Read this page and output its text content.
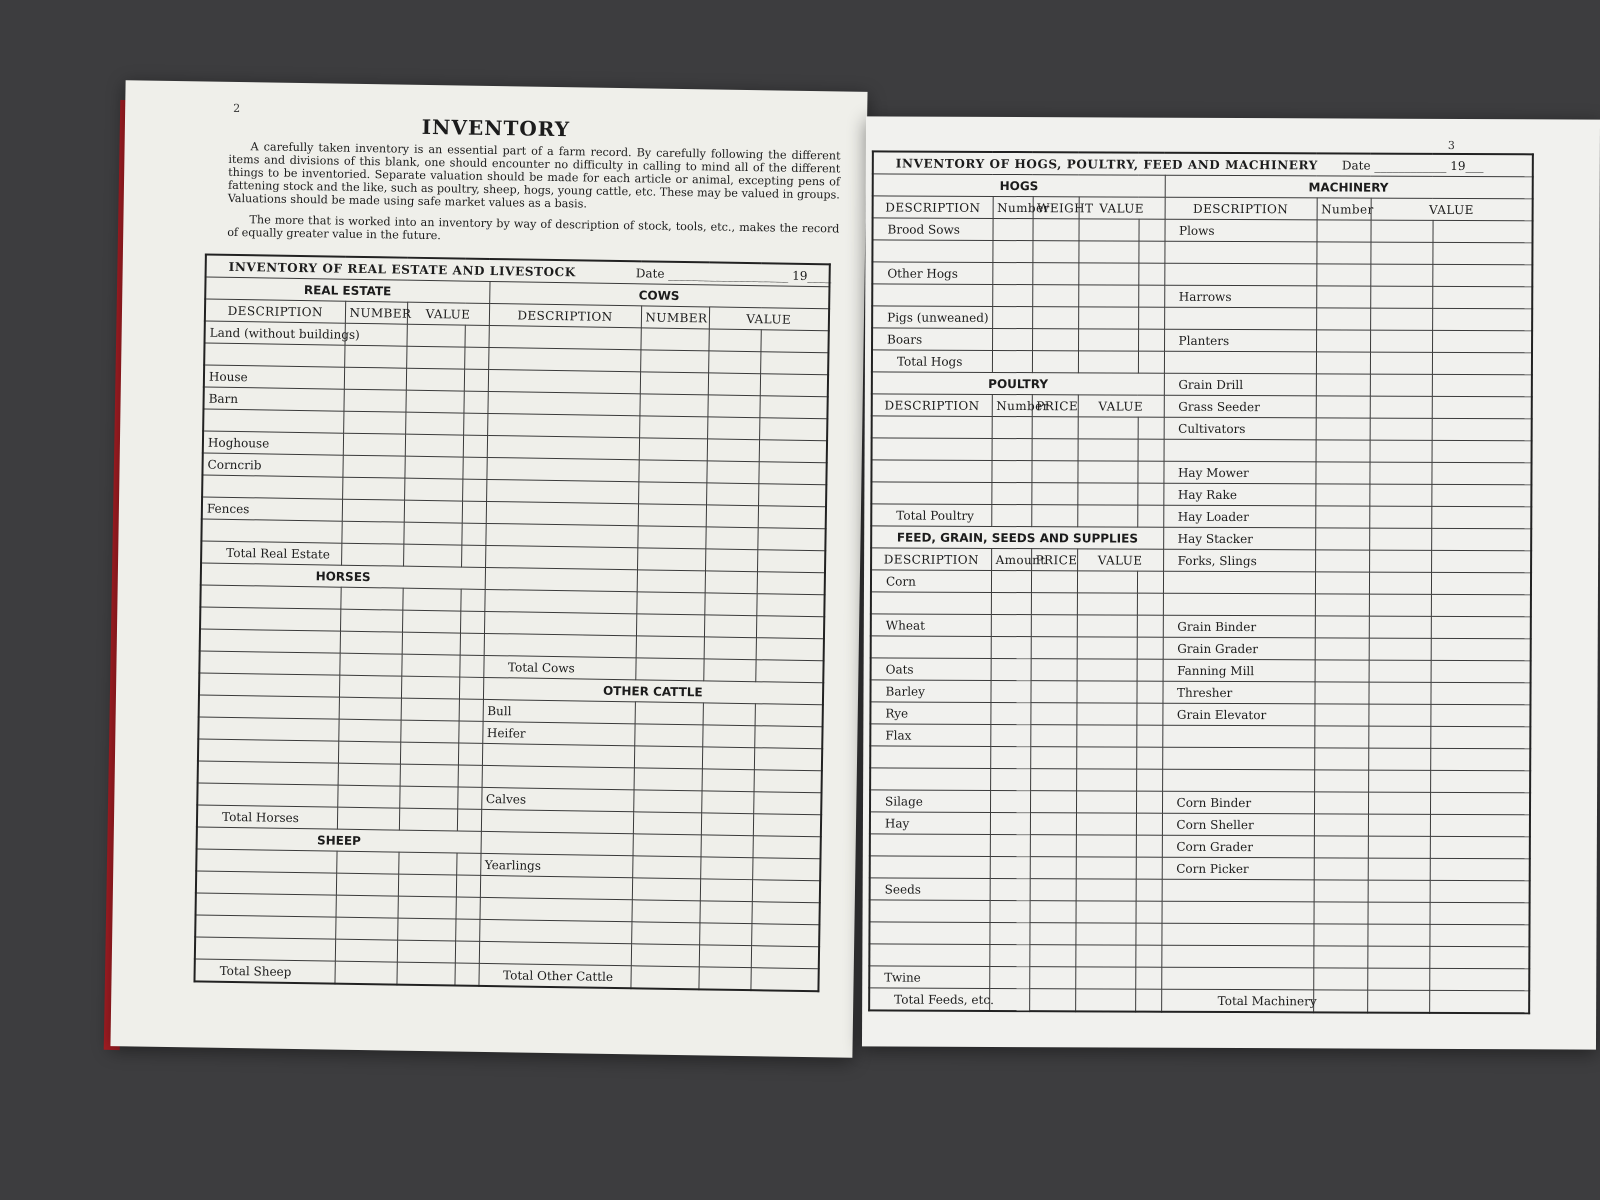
2
INVENTORY

A carefully taken inventory is an essential part of a farm record. By carefully following the different items and divisions of this blank, one should encounter no difficulty in calling to mind all of the different things to be inventoried. Separate valuation should be made for each article or animal, excepting pens of fattening stock and the like, such as poultry, sheep, hogs, young cattle, etc. These may be valued in groups. Valuations should be made using safe market values as a basis.

The more that is worked into an inventory by way of description of stock, tools, etc., makes the record of equally greater value in the future.

INVENTORY OF REAL ESTATE AND LIVESTOCK Date ____________________ 19____							
REAL ESTATE				COWS			
DESCRIPTION	NUMBER	VALUE		DESCRIPTION	NUMBER	VALUE	
Land (without buildings)							

House							
Barn							

Hoghouse							
Corncrib							

Fences							

Total Real Estate							
HORSES							

				Total Cows			
				OTHER CATTLE			
				Bull			
				Heifer			

				Calves			
Total Horses							
SHEEP							
				Yearlings			

Total Sheep				Total Other Cattle			
3
INVENTORY OF HOGS, POULTRY, FEED AND MACHINERY Date ____________ 19___								
HOGS					MACHINERY			
DESCRIPTION	Number	WEIGHT	VALUE		DESCRIPTION	Number	VALUE	
Brood Sows					Plows			

Other Hogs								
					Harrows			
Pigs (unweaned)								
Boars					Planters			
Total Hogs								
POULTRY					Grain Drill			
DESCRIPTION	Number	PRICE	VALUE		Grass Seeder			
					Cultivators			

					Hay Mower			
					Hay Rake			
Total Poultry					Hay Loader			
FEED, GRAIN, SEEDS AND SUPPLIES					Hay Stacker			
DESCRIPTION	Amount	PRICE	VALUE		Forks, Slings			
Corn								

Wheat					Grain Binder			
					Grain Grader			
Oats					Fanning Mill			
Barley					Thresher			
Rye					Grain Elevator			
Flax								

Silage					Corn Binder			
Hay					Corn Sheller			
					Corn Grader			
					Corn Picker			
Seeds								

Twine								
Total Feeds, etc.					Total Machinery			
